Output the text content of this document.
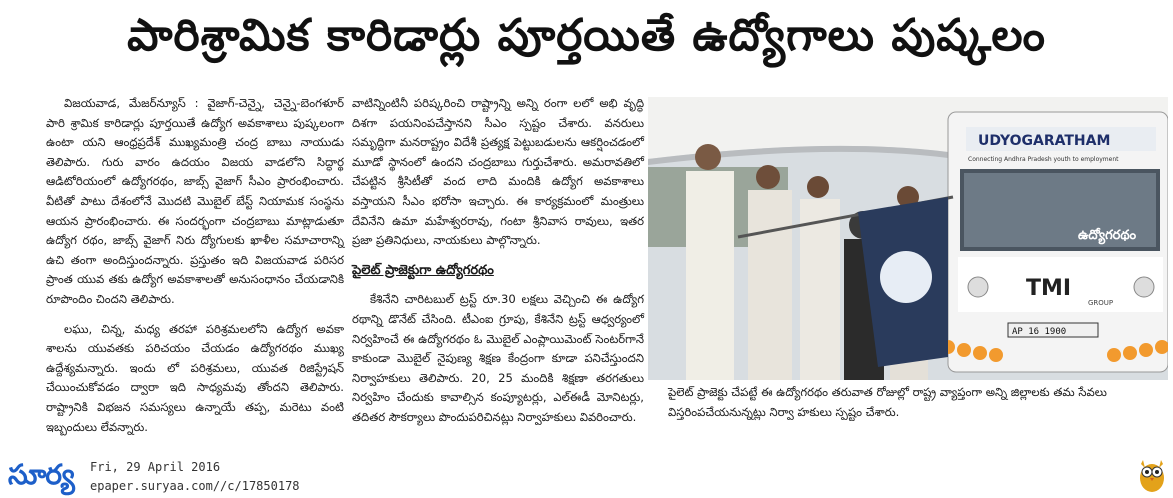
పారిశ్రామిక కారిడార్లు పూర్తయితే ఉద్యోగాలు పుష్కలం

విజయవాడ, మేజర్‌న్యూస్ : వైజాగ్-చెన్నై, చెన్నై-బెంగళూర్ పారి శ్రామిక కారిడార్లు పూర్తయితే ఉద్యోగ అవకాశాలు పుష్కలంగా ఉంటా యని ఆంధ్రప్రదేశ్ ముఖ్యమంత్రి చంద్ర బాబు నాయుడు తెలిపారు. గురు వారం ఉదయం విజయ వాడలోని సిద్ధార్థ ఆడిటోరియంలో ఉద్యోగరథం, జాబ్స్ వైజాగ్ సీఎం ప్రారంభించారు. వీటితో పాటు దేశంలోనే మొదటి మొబైల్ బేస్ట్ నియామక సంస్థను ఆయన ప్రారంభించారు. ఈ సందర్భంగా చంద్రబాబు మాట్లాడుతూ ఉద్యోగ రథం, జాబ్స్ వైజాగ్ నిరు ద్యోగులకు ఖాళీల సమాచారాన్ని ఉచి తంగా అందిస్తుందన్నారు. ప్రస్తుతం ఇది విజయవాడ పరిసర ప్రాంత యువ తకు ఉద్యోగ అవకాశాలతో అనుసంధానం చేయడానికి రూపొందిం చిందని తెలిపారు.

లఘు, చిన్న, మధ్య తరహా పరిశ్రమలలోని ఉద్యోగ అవకా శాలను యువతకు పరిచయం చేయడం ఉద్యోగరథం ముఖ్య ఉద్దేశ్యమన్నారు. ఇందు లో పరిశ్రమలు, యువత రిజిస్ట్రేషన్ చేయించుకోవడం ద్వారా ఇది సాధ్యమవు తోందని తెలిపారు. రాష్ట్రానికి విభజన సమస్యలు ఉన్నాయే తప్ప, మరెటు వంటి ఇబ్బందులు లేవన్నారు.

వాటిన్నింటినీ పరిష్కరించి రాష్ట్రాన్ని అన్ని రంగా లలో అభి వృద్ధి దిశగా పయనింపచేస్తానని సీఎం స్పష్టం చేశారు. వనరులు సమృద్ధిగా మనరాష్ట్రం విదేశీ ప్రత్యక్ష పెట్టుబడులను ఆకర్షించడంలో మూడో స్థానంలో ఉందని చంద్రబాబు గుర్తుచేశారు. అమరావతిలో చేపట్టిన శ్రీసిటీతో వంద లాది మందికి ఉద్యోగ అవకాశాలు వస్తాయని సీఎం భరోసా ఇచ్చారు. ఈ కార్యక్రమంలో మంత్రులు దేవినేని ఉమా మహేశ్వరరావు, గంటా శ్రీనివాస రావులు, ఇతర ప్రజా ప్రతినిధులు, నాయకులు పాల్గొన్నారు.

పైలెట్ ప్రాజెక్టుగా ఉద్యోగరథం

కేశినేని చారిటబుల్ ట్రస్ట్ రూ.30 లక్షలు వెచ్చించి ఈ ఉద్యోగ రథాన్ని డొనేట్ చేసింది. టీఎంఐ గ్రూపు, కేశినేని ట్రస్ట్ ఆధ్వర్యంలో నిర్వహించే ఈ ఉద్యోగరథం ఓ మొబైల్ ఎంప్లాయిమెంట్ సెంటర్‌గానే కాకుండా మొబైల్ నైపుణ్య శిక్షణ కేంద్రంగా కూడా పనిచేస్తుందని నిర్వాహకులు తెలిపారు. 20, 25 మందికి శిక్షణా తరగతులు నిర్వహిం చేందుకు కావాల్సిన కంప్యూటర్లు, ఎల్ఈడీ మోనిటర్లు, తదితర సౌకర్యాలు పొందుపరిచినట్లు నిర్వాహకులు వివరించారు.

UDYOGARATHAM
Connecting Andhra Pradesh youth to employment
ఉద్యోగరథం
TMI
GROUP
AP 16 1900
పైలెట్ ప్రాజెక్టు చేపట్టే ఈ ఉద్యోగరథం తరువాత రోజుల్లో రాష్ట్ర వ్యాప్తంగా అన్ని జిల్లాలకు తమ సేవలు విస్తరింపచేయనున్నట్లు నిర్వా హకులు స్పష్టం చేశారు.
సూర్య Fri, 29 April 2016
epaper.suryaa.com//c/17850178
